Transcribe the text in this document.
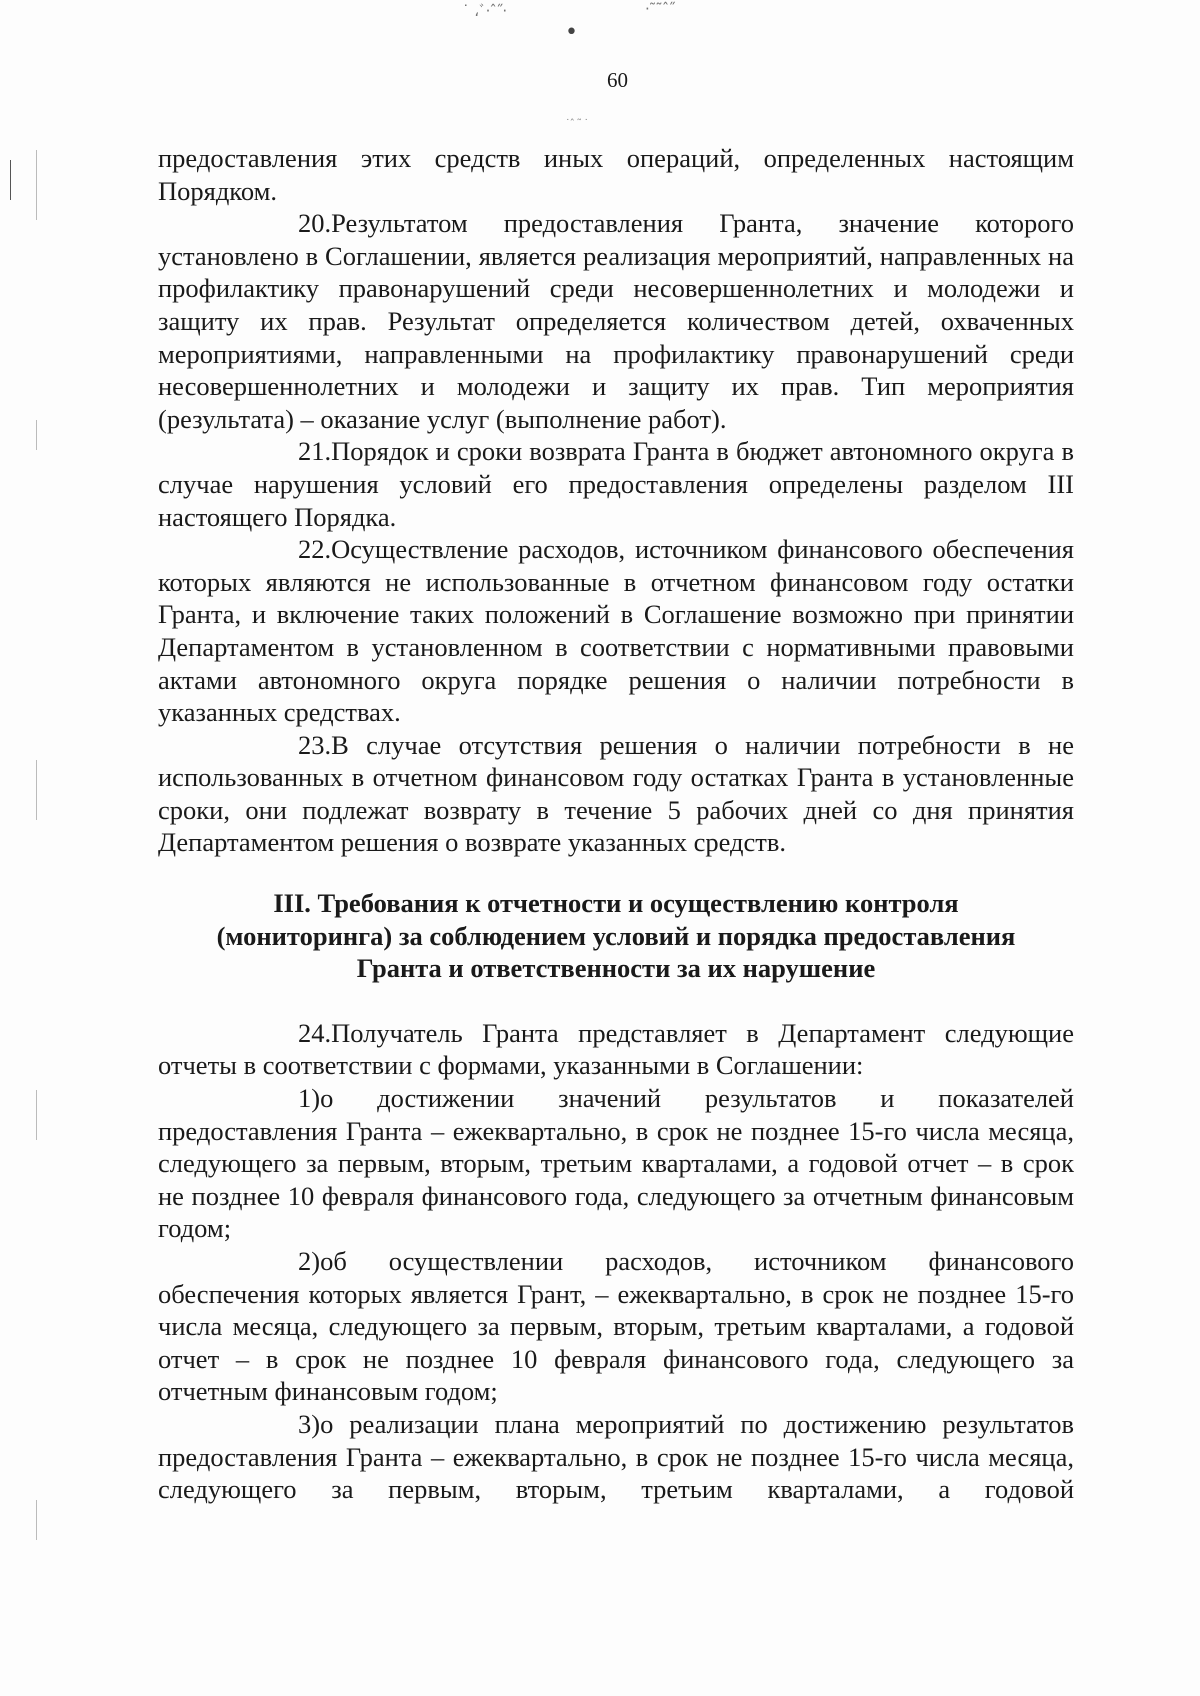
˙ ،ﾞ·ˆ˝·	·˜˜ˆ˝
•
˙ˆ ˜ ˙
60

предоставления этих средств иных операций, определенных настоящим Порядком.

20.Результатом предоставления Гранта, значение которого установлено в Соглашении, является реализация мероприятий, направленных на профилактику правонарушений среди несовершеннолетних и молодежи и защиту их прав. Результат определяется количеством детей, охваченных мероприятиями, направленными на профилактику правонарушений среди несовершеннолетних и молодежи и защиту их прав. Тип мероприятия (результата) – оказание услуг (выполнение работ).

21.Порядок и сроки возврата Гранта в бюджет автономного округа в случае нарушения условий его предоставления определены разделом III настоящего Порядка.

22.Осуществление расходов, источником финансового обеспечения которых являются не использованные в отчетном финансовом году остатки Гранта, и включение таких положений в Соглашение возможно при принятии Департаментом в установленном в соответствии с нормативными правовыми актами автономного округа порядке решения о наличии потребности в указанных средствах.

23.В случае отсутствия решения о наличии потребности в не использованных в отчетном финансовом году остатках Гранта в установленные сроки, они подлежат возврату в течение 5 рабочих дней со дня принятия Департаментом решения о возврате указанных средств.

III. Требования к отчетности и осуществлению контроля
(мониторинга) за соблюдением условий и порядка предоставления
Гранта и ответственности за их нарушение

24.Получатель Гранта представляет в Департамент следующие отчеты в соответствии с формами, указанными в Соглашении:

1)о достижении значений результатов и показателей предоставления Гранта – ежеквартально, в срок не позднее 15-го числа месяца, следующего за первым, вторым, третьим кварталами, а годовой отчет – в срок не позднее 10 февраля финансового года, следующего за отчетным финансовым годом;

2)об осуществлении расходов, источником финансового обеспечения которых является Грант, – ежеквартально, в срок не позднее 15-го числа месяца, следующего за первым, вторым, третьим кварталами, а годовой отчет – в срок не позднее 10 февраля финансового года, следующего за отчетным финансовым годом;

3)о реализации плана мероприятий по достижению результатов предоставления Гранта – ежеквартально, в срок не позднее 15-го числа месяца, следующего за первым, вторым, третьим кварталами, а годовой
